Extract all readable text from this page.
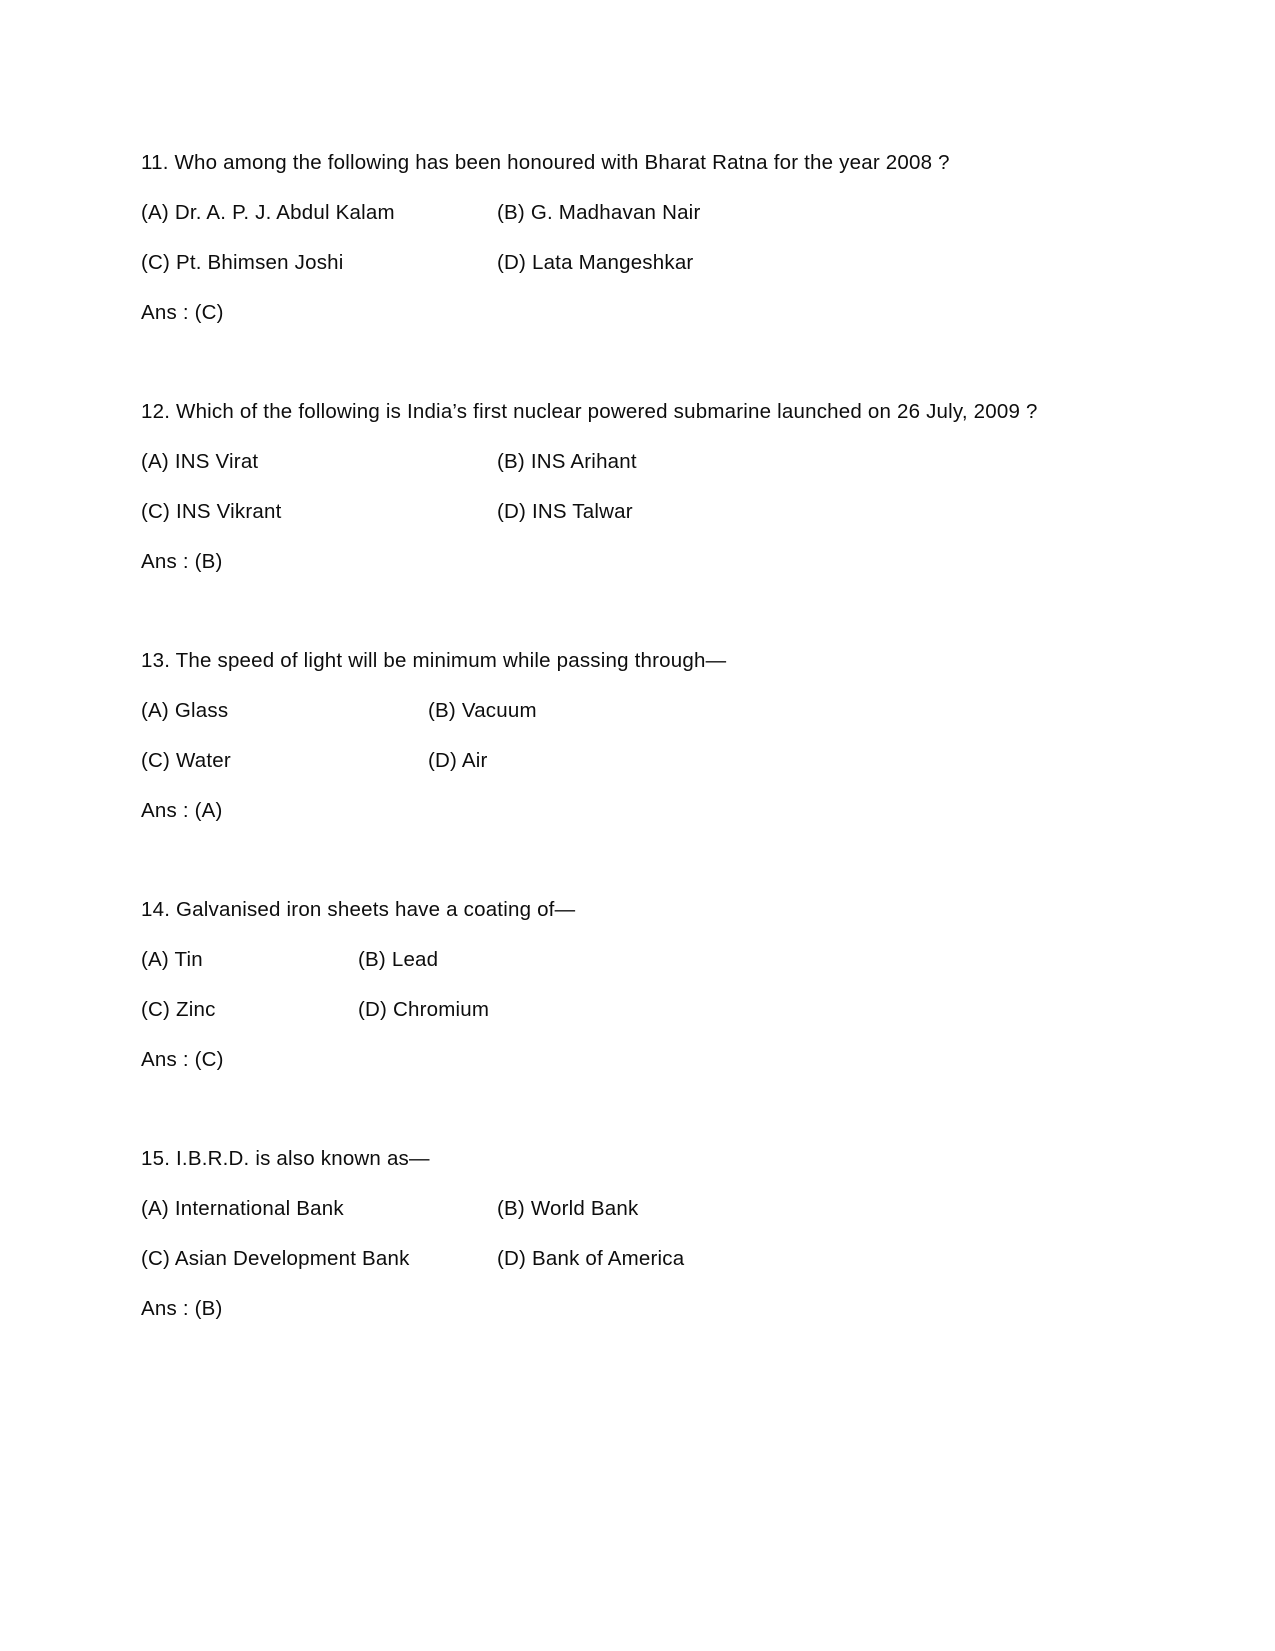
11. Who among the following has been honoured with Bharat Ratna for the year 2008 ?
(A) Dr. A. P. J. Abdul Kalam	(B) G. Madhavan Nair
(C) Pt. Bhimsen Joshi	(D) Lata Mangeshkar
Ans : (C)
12. Which of the following is India’s first nuclear powered submarine launched on 26 July, 2009 ?
(A) INS Virat	(B) INS Arihant
(C) INS Vikrant	(D) INS Talwar
Ans : (B)
13. The speed of light will be minimum while passing through—
(A) Glass	(B) Vacuum
(C) Water	(D) Air
Ans : (A)
14. Galvanised iron sheets have a coating of—
(A) Tin	(B) Lead
(C) Zinc	(D) Chromium
Ans : (C)
15. I.B.R.D. is also known as—
(A) International Bank	(B) World Bank
(C) Asian Development Bank	(D) Bank of America
Ans : (B)
